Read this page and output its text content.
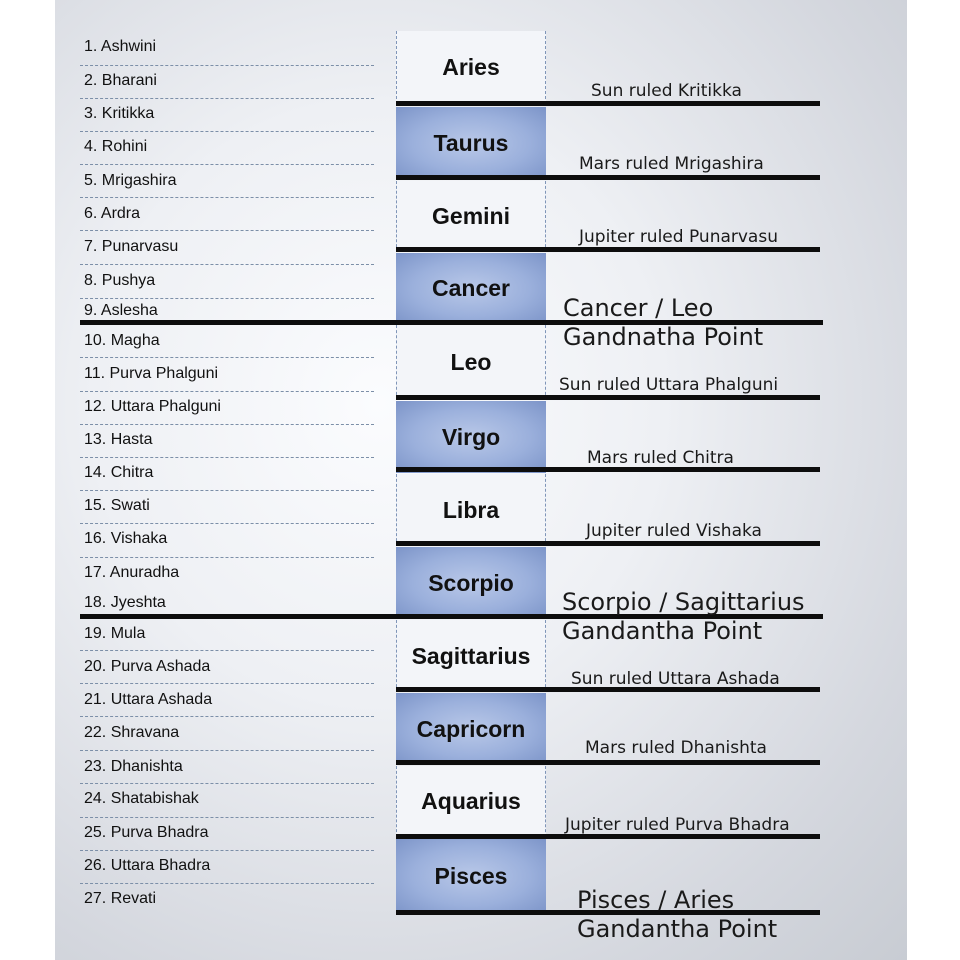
1. Ashwini
2. Bharani
3. Kritikka
4. Rohini
5. Mrigashira
6. Ardra
7. Punarvasu
8. Pushya
9. Aslesha
10. Magha
11. Purva Phalguni
12. Uttara Phalguni
13. Hasta
14. Chitra
15. Swati
16. Vishaka
17. Anuradha
18. Jyeshta
19. Mula
20. Purva Ashada
21. Uttara Ashada
22. Shravana
23. Dhanishta
24. Shatabishak
25. Purva Bhadra
26. Uttara Bhadra
27. Revati
Aries
Taurus
Gemini
Cancer
Leo
Virgo
Libra
Scorpio
Sagittarius
Capricorn
Aquarius
Pisces
Sun ruled Kritikka
Mars ruled Mrigashira
Jupiter ruled Punarvasu
Sun ruled Uttara Phalguni
Mars ruled Chitra
Jupiter ruled Vishaka
Sun ruled Uttara Ashada
Mars ruled Dhanishta
Jupiter ruled Purva Bhadra
Cancer / Leo
Gandnatha Point
Scorpio / Sagittarius
Gandantha Point
Pisces / Aries
Gandantha Point
